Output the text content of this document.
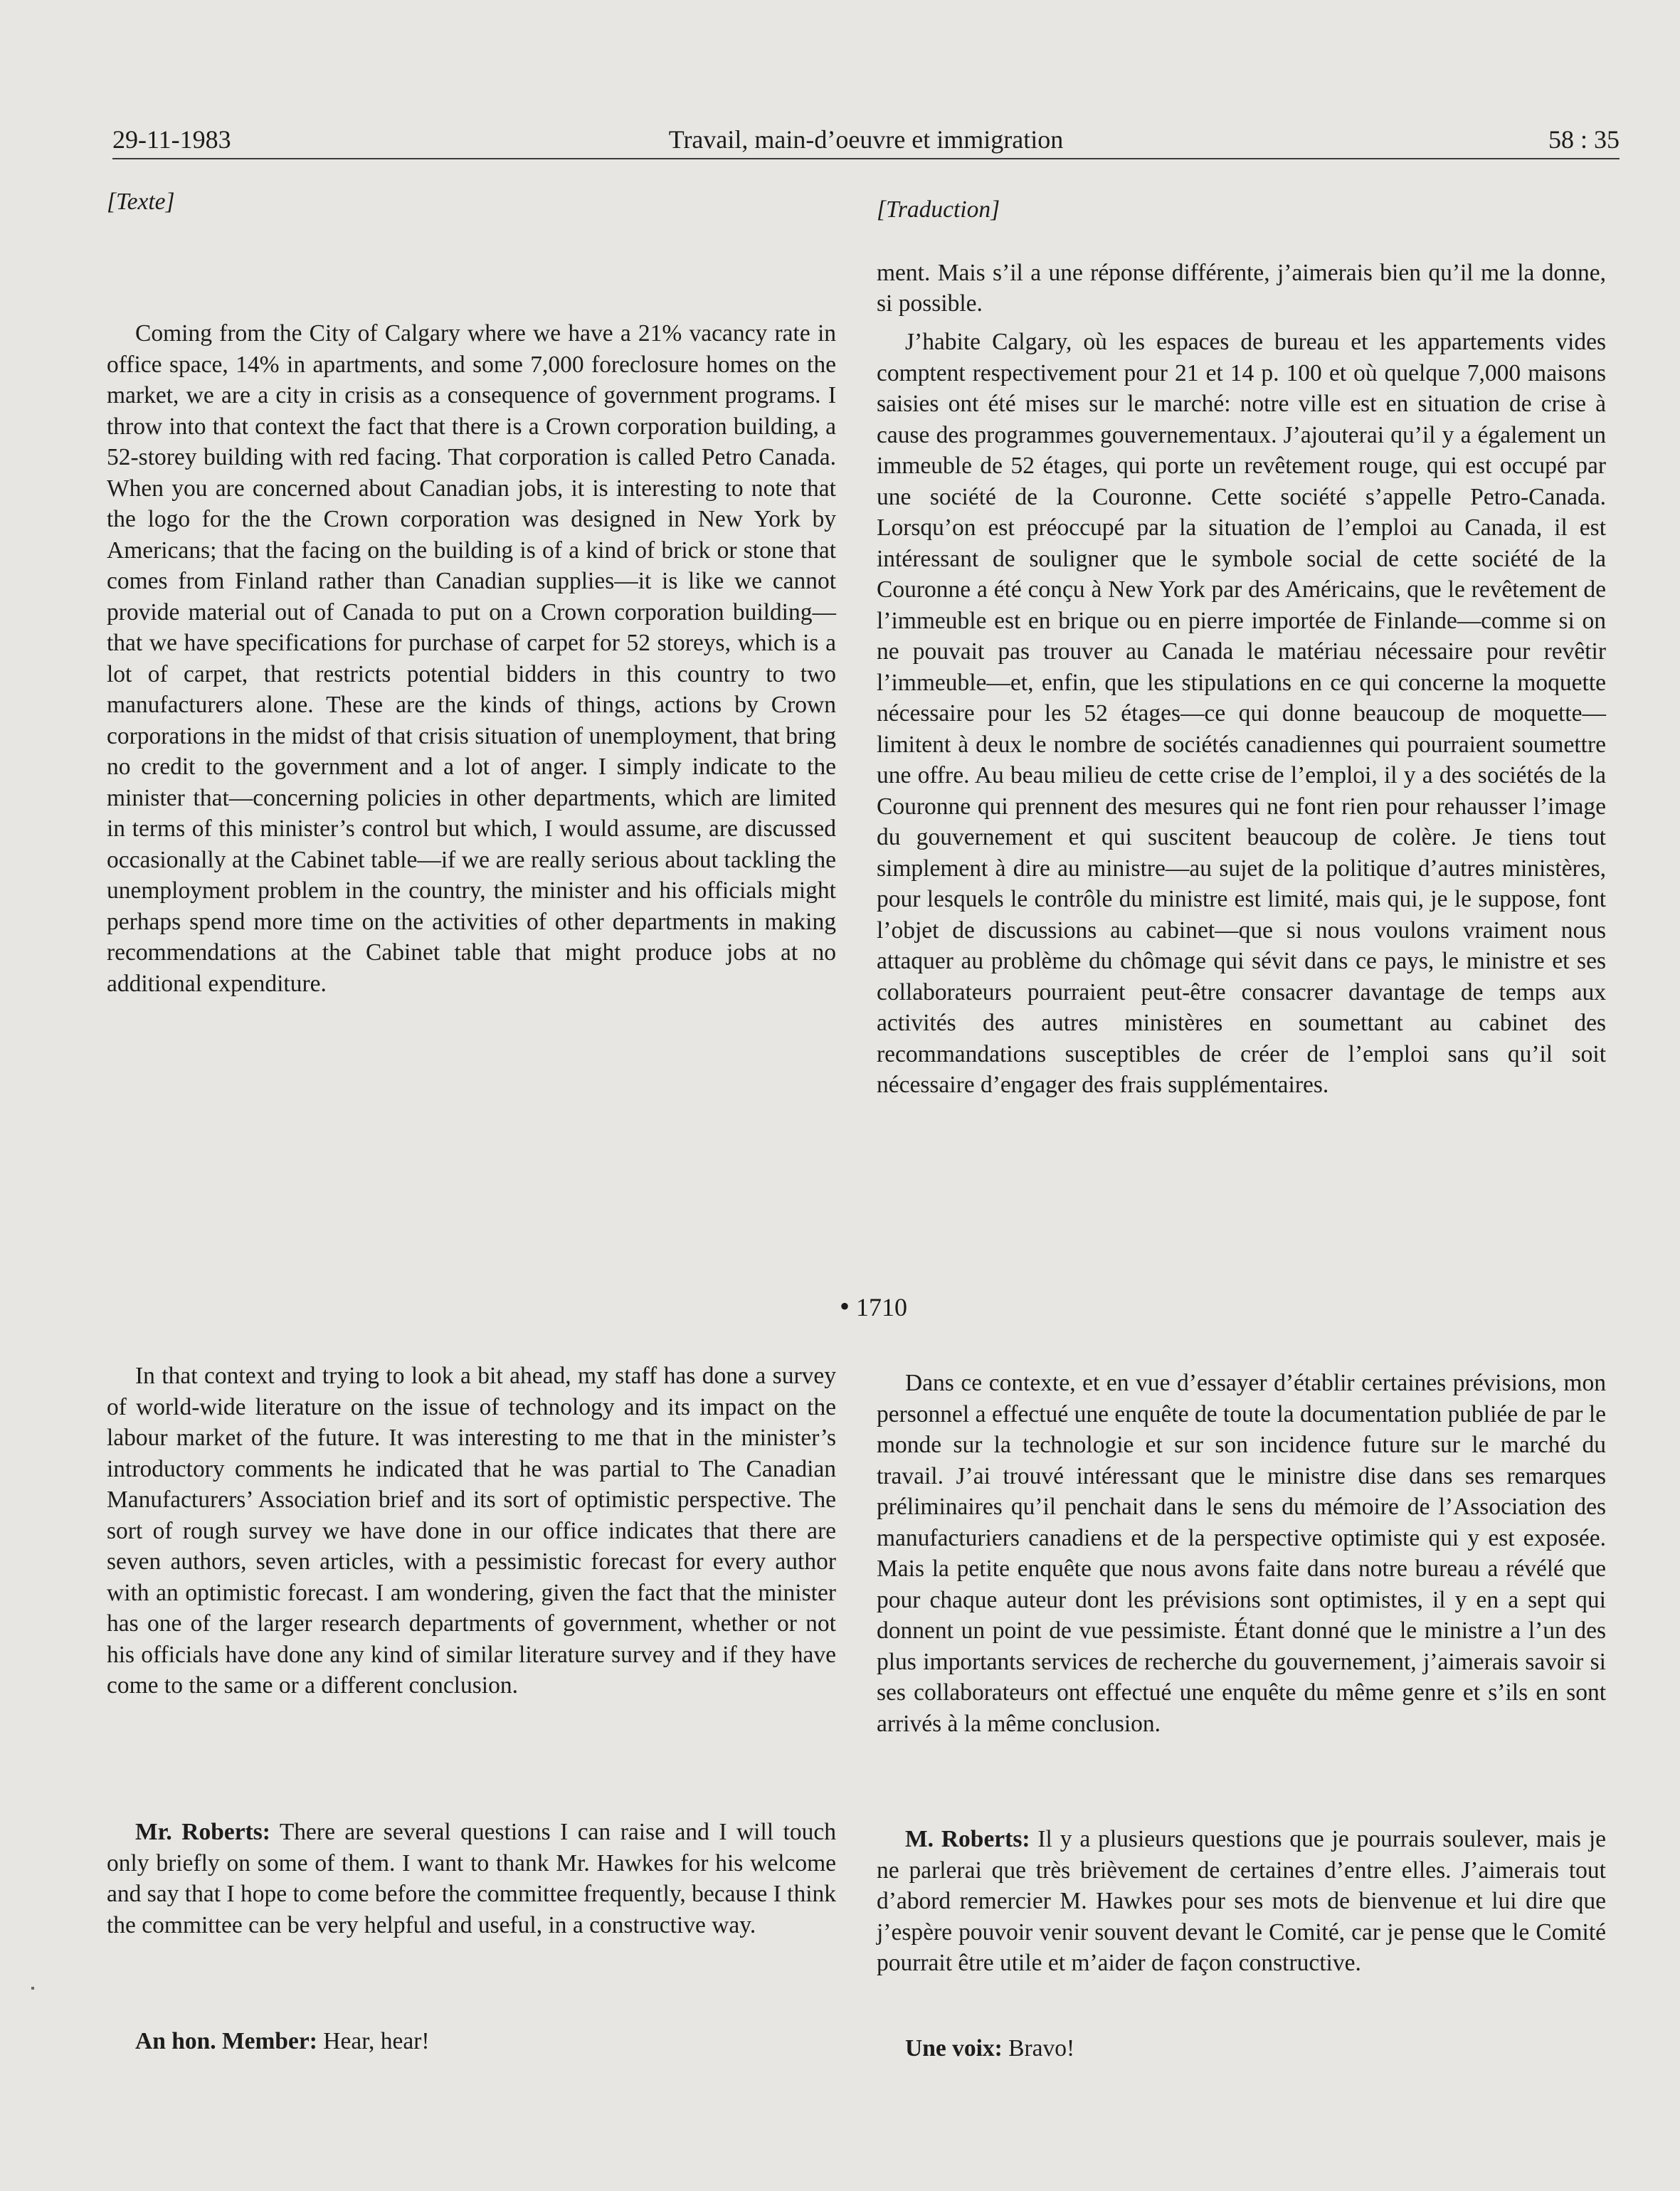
29-11-1983	Travail, main-d’oeuvre et immigration	58 : 35

[Texte]

Coming from the City of Calgary where we have a 21% vacancy rate in office space, 14% in apartments, and some 7,000 foreclosure homes on the market, we are a city in crisis as a consequence of government programs. I throw into that context the fact that there is a Crown corporation building, a 52-storey building with red facing. That corporation is called Petro Canada. When you are concerned about Canadian jobs, it is interesting to note that the logo for the the Crown corporation was designed in New York by Americans; that the facing on the building is of a kind of brick or stone that comes from Finland rather than Canadian supplies—it is like we cannot provide material out of Canada to put on a Crown corporation building—that we have specifications for purchase of carpet for 52 storeys, which is a lot of carpet, that restricts potential bidders in this country to two manufacturers alone. These are the kinds of things, actions by Crown corporations in the midst of that crisis situation of unemployment, that bring no credit to the government and a lot of anger. I simply indicate to the minister that—concerning policies in other departments, which are limited in terms of this minister’s control but which, I would assume, are discussed occasionally at the Cabinet table—if we are really serious about tackling the unemployment problem in the country, the minister and his officials might perhaps spend more time on the activities of other departments in making recommendations at the Cabinet table that might produce jobs at no additional expenditure.

• 1710

In that context and trying to look a bit ahead, my staff has done a survey of world-wide literature on the issue of technology and its impact on the labour market of the future. It was interesting to me that in the minister’s introductory comments he indicated that he was partial to The Canadian Manufacturers’ Association brief and its sort of optimistic perspective. The sort of rough survey we have done in our office indicates that there are seven authors, seven articles, with a pessimistic forecast for every author with an optimistic forecast. I am wondering, given the fact that the minister has one of the larger research departments of government, whether or not his officials have done any kind of similar literature survey and if they have come to the same or a different conclusion.

Mr. Roberts: There are several questions I can raise and I will touch only briefly on some of them. I want to thank Mr. Hawkes for his welcome and say that I hope to come before the committee frequently, because I think the committee can be very helpful and useful, in a constructive way.

An hon. Member: Hear, hear!

[Traduction]

ment. Mais s’il a une réponse différente, j’aimerais bien qu’il me la donne, si possible.

J’habite Calgary, où les espaces de bureau et les appartements vides comptent respectivement pour 21 et 14 p. 100 et où quelque 7,000 maisons saisies ont été mises sur le marché: notre ville est en situation de crise à cause des programmes gouvernementaux. J’ajouterai qu’il y a également un immeuble de 52 étages, qui porte un revêtement rouge, qui est occupé par une société de la Couronne. Cette société s’appelle Petro-Canada. Lorsqu’on est préoccupé par la situation de l’emploi au Canada, il est intéressant de souligner que le symbole social de cette société de la Couronne a été conçu à New York par des Américains, que le revêtement de l’immeuble est en brique ou en pierre importée de Finlande—comme si on ne pouvait pas trouver au Canada le matériau nécessaire pour revêtir l’immeuble—et, enfin, que les stipulations en ce qui concerne la moquette nécessaire pour les 52 étages—ce qui donne beaucoup de moquette—limitent à deux le nombre de sociétés canadiennes qui pourraient soumettre une offre. Au beau milieu de cette crise de l’emploi, il y a des sociétés de la Couronne qui prennent des mesures qui ne font rien pour rehausser l’image du gouvernement et qui suscitent beaucoup de colère. Je tiens tout simplement à dire au ministre—au sujet de la politique d’autres ministères, pour lesquels le contrôle du ministre est limité, mais qui, je le suppose, font l’objet de discussions au cabinet—que si nous voulons vraiment nous attaquer au problème du chômage qui sévit dans ce pays, le ministre et ses collaborateurs pourraient peut-être consacrer davantage de temps aux activités des autres ministères en soumettant au cabinet des recommandations susceptibles de créer de l’emploi sans qu’il soit nécessaire d’engager des frais supplémentaires.

Dans ce contexte, et en vue d’essayer d’établir certaines prévisions, mon personnel a effectué une enquête de toute la documentation publiée de par le monde sur la technologie et sur son incidence future sur le marché du travail. J’ai trouvé intéressant que le ministre dise dans ses remarques préliminaires qu’il penchait dans le sens du mémoire de l’Association des manufacturiers canadiens et de la perspective optimiste qui y est exposée. Mais la petite enquête que nous avons faite dans notre bureau a révélé que pour chaque auteur dont les prévisions sont optimistes, il y en a sept qui donnent un point de vue pessimiste. Étant donné que le ministre a l’un des plus importants services de recherche du gouvernement, j’aimerais savoir si ses collaborateurs ont effectué une enquête du même genre et s’ils en sont arrivés à la même conclusion.

M. Roberts: Il y a plusieurs questions que je pourrais soulever, mais je ne parlerai que très brièvement de certaines d’entre elles. J’aimerais tout d’abord remercier M. Hawkes pour ses mots de bienvenue et lui dire que j’espère pouvoir venir souvent devant le Comité, car je pense que le Comité pourrait être utile et m’aider de façon constructive.

Une voix: Bravo!
